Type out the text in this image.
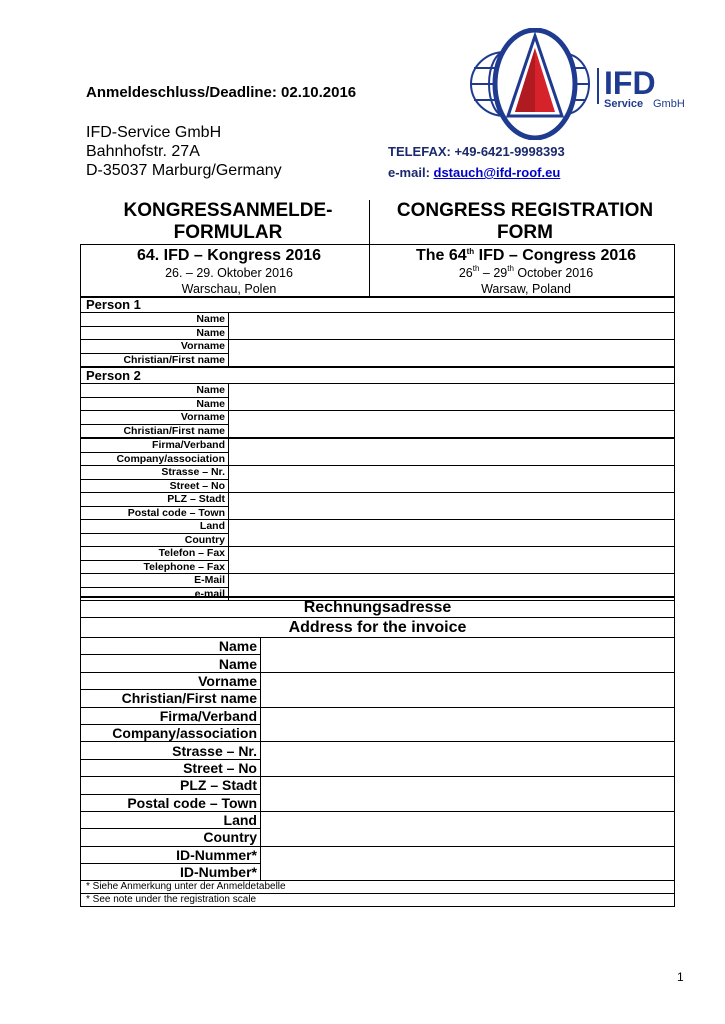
Anmeldeschluss/Deadline: 02.10.2016
IFD-Service GmbH
Bahnhofstr. 27A
D-35037 Marburg/Germany
TELEFAX: +49-6421-9998393
e-mail: dstauch@ifd-roof.eu
IFD
Service GmbH
KONGRESSANMELDE-
FORMULAR
CONGRESS REGISTRATION
FORM
64. IFD – Kongress 2016
26. – 29. Oktober 2016
Warschau, Polen
The 64th IFD – Congress 2016
26th – 29th October 2016
Warsaw, Poland
Person 1	
Name	
Name	
Vorname	
Christian/First name	
Person 2	
Name	
Name	
Vorname	
Christian/First name	
Firma/Verband	
Company/association	
Strasse – Nr.	
Street – No	
PLZ – Stadt	
Postal code – Town	
Land	
Country	
Telefon – Fax	
Telephone – Fax	
E-Mail	
e-mail	
Rechnungsadresse	
Address for the invoice	
Name	
Name	
Vorname	
Christian/First name	
Firma/Verband	
Company/association	
Strasse – Nr.	
Street – No	
PLZ – Stadt	
Postal code – Town	
Land	
Country	
ID-Nummer*	
ID-Number*	
* Siehe Anmerkung unter der Anmeldetabelle	
* See note under the registration scale	
1
